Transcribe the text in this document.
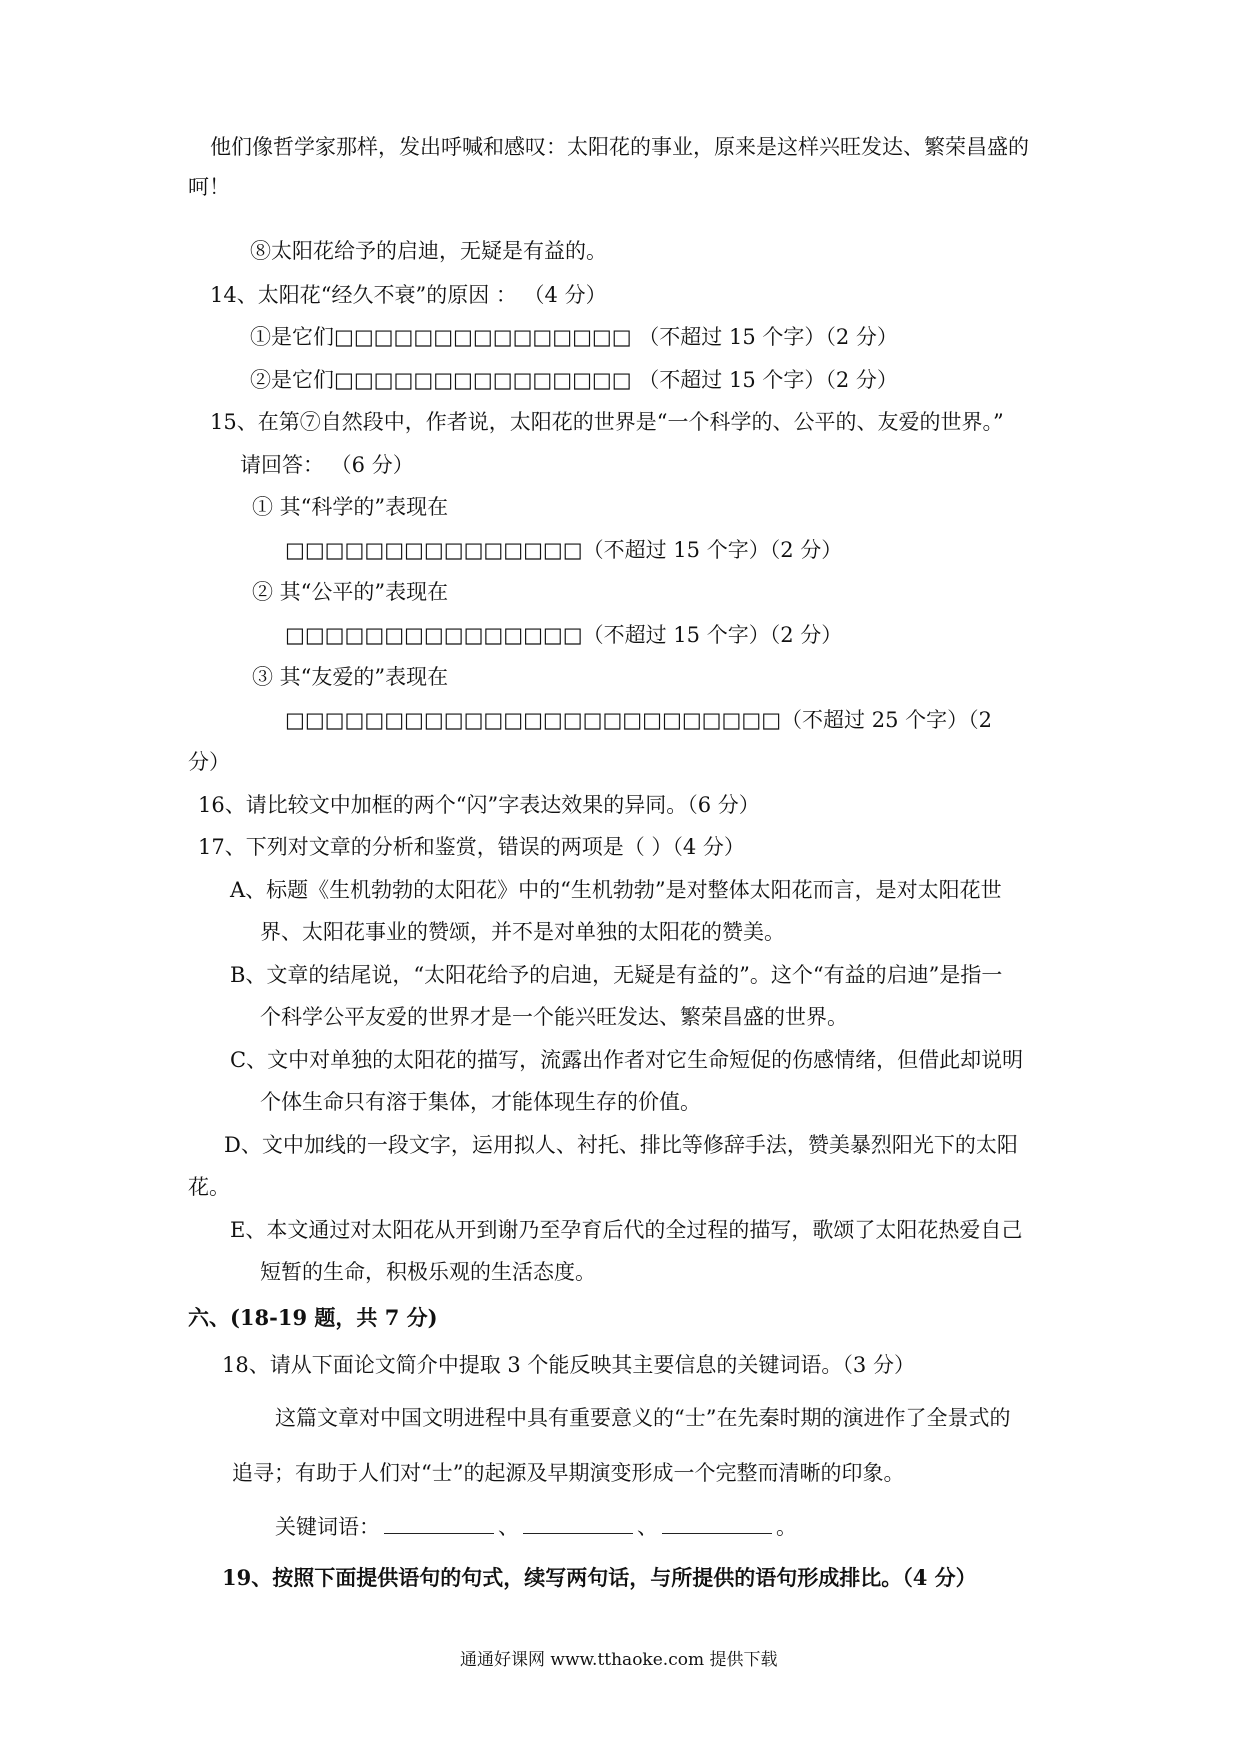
他们像哲学家那样，发出呼喊和感叹：太阳花的事业，原来是这样兴旺发达、繁荣昌盛的
呵！
⑧太阳花给予的启迪，无疑是有益的。
14、太阳花“经久不衰”的原因 ： （4 分）
①是它们□□□□□□□□□□□□□□□ （不超过 15 个字）（2 分）
②是它们□□□□□□□□□□□□□□□ （不超过 15 个字）（2 分）
15、在第⑦自然段中，作者说，太阳花的世界是“一个科学的、公平的、友爱的世界。”
请回答： （6 分）
① 其“科学的”表现在
□□□□□□□□□□□□□□□（不超过 15 个字）（2 分）
② 其“公平的”表现在
□□□□□□□□□□□□□□□（不超过 15 个字）（2 分）
③ 其“友爱的”表现在
□□□□□□□□□□□□□□□□□□□□□□□□□（不超过 25 个字）（2
分）
16、请比较文中加框的两个“闪”字表达效果的异同。（6 分）
17、下列对文章的分析和鉴赏，错误的两项是（ ）（4 分）
A、标题《生机勃勃的太阳花》中的“生机勃勃”是对整体太阳花而言，是对太阳花世
界、太阳花事业的赞颂，并不是对单独的太阳花的赞美。
B、文章的结尾说，“太阳花给予的启迪，无疑是有益的”。这个“有益的启迪”是指一
个科学公平友爱的世界才是一个能兴旺发达、繁荣昌盛的世界。
C、文中对单独的太阳花的描写，流露出作者对它生命短促的伤感情绪，但借此却说明
个体生命只有溶于集体，才能体现生存的价值。
D、文中加线的一段文字，运用拟人、衬托、排比等修辞手法，赞美暴烈阳光下的太阳
花。
E、本文通过对太阳花从开到谢乃至孕育后代的全过程的描写，歌颂了太阳花热爱自己
短暂的生命，积极乐观的生活态度。
六、(18-19 题，共 7 分)
18、请从下面论文简介中提取 3 个能反映其主要信息的关键词语。（3 分）
这篇文章对中国文明进程中具有重要意义的“士”在先秦时期的演进作了全景式的
追寻；有助于人们对“士”的起源及早期演变形成一个完整而清晰的印象。
关键词语：	、	、	。
19、按照下面提供语句的句式，续写两句话，与所提供的语句形成排比。（4 分）
通通好课网 www.tthaoke.com 提供下载
